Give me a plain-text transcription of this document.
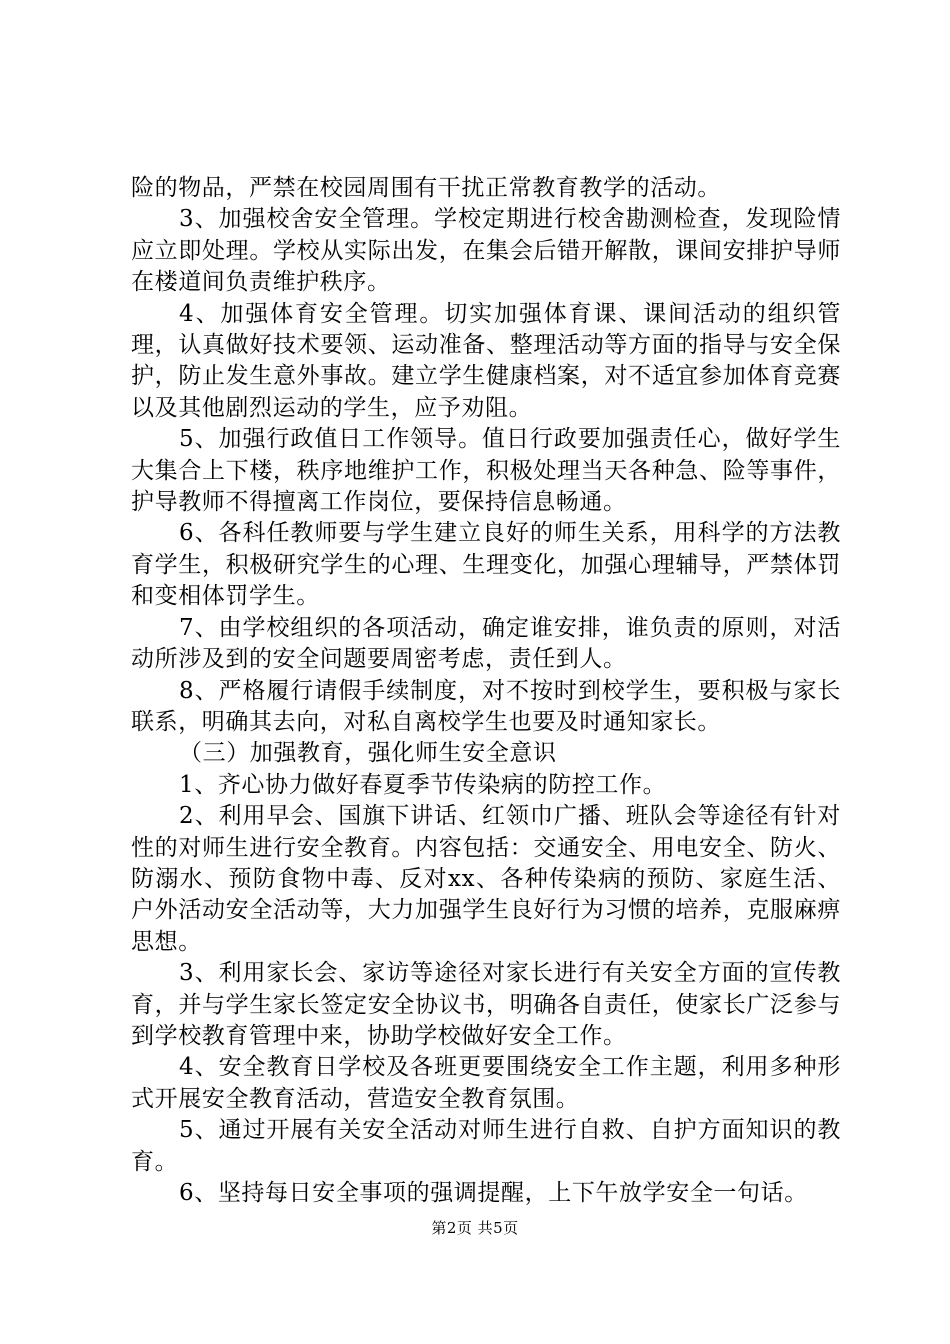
险的物品，严禁在校园周围有干扰正常教育教学的活动。

3、加强校舍安全管理。学校定期进行校舍勘测检查，发现险情应立即处理。学校从实际出发，在集会后错开解散，课间安排护导师在楼道间负责维护秩序。

4、加强体育安全管理。切实加强体育课、课间活动的组织管理，认真做好技术要领、运动准备、整理活动等方面的指导与安全保护，防止发生意外事故。建立学生健康档案，对不适宜参加体育竞赛以及其他剧烈运动的学生，应予劝阻。

5、加强行政值日工作领导。值日行政要加强责任心，做好学生大集合上下楼，秩序地维护工作，积极处理当天各种急、险等事件，护导教师不得擅离工作岗位，要保持信息畅通。

6、各科任教师要与学生建立良好的师生关系，用科学的方法教育学生，积极研究学生的心理、生理变化，加强心理辅导，严禁体罚和变相体罚学生。

7、由学校组织的各项活动，确定谁安排，谁负责的原则，对活动所涉及到的安全问题要周密考虑，责任到人。

8、严格履行请假手续制度，对不按时到校学生，要积极与家长联系，明确其去向，对私自离校学生也要及时通知家长。

（三）加强教育，强化师生安全意识

1、齐心协力做好春夏季节传染病的防控工作。

2、利用早会、国旗下讲话、红领巾广播、班队会等途径有针对性的对师生进行安全教育。内容包括：交通安全、用电安全、防火、防溺水、预防食物中毒、反对xx、各种传染病的预防、家庭生活、户外活动安全活动等，大力加强学生良好行为习惯的培养，克服麻痹思想。

3、利用家长会、家访等途径对家长进行有关安全方面的宣传教育，并与学生家长签定安全协议书，明确各自责任，使家长广泛参与到学校教育管理中来，协助学校做好安全工作。

4、安全教育日学校及各班更要围绕安全工作主题，利用多种形式开展安全教育活动，营造安全教育氛围。

5、通过开展有关安全活动对师生进行自救、自护方面知识的教育。

6、坚持每日安全事项的强调提醒，上下午放学安全一句话。

第2页 共5页
